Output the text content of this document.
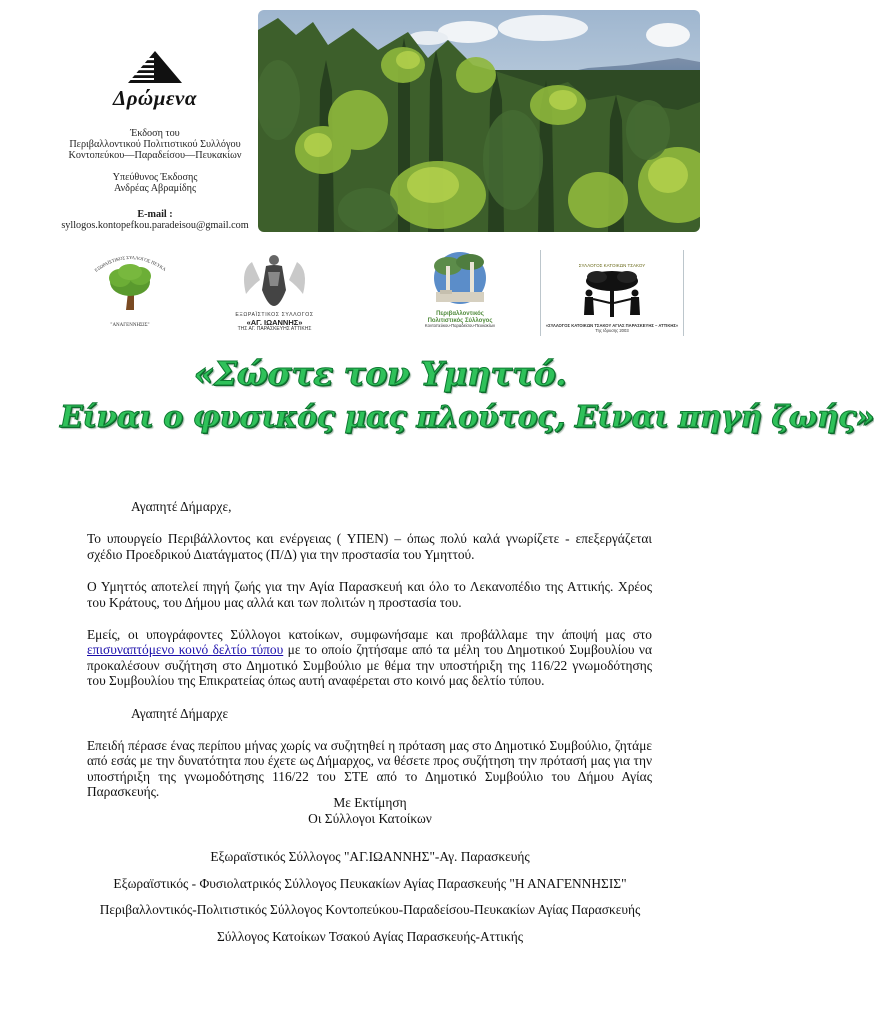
Δρώμενα

Έκδοση του

Περιβαλλοντικού Πολιτιστικού Συλλόγου

Κοντοπεύκου—Παραδείσου—Πευκακίων

Υπεύθυνος Έκδοσης

Ανδρέας Αβραμίδης

E-mail :

syllogos.kontopefkou.paradeisou@gmail.com

ΕΞΩΡΑΪΣΤΙΚΟΣ ΣΥΛΛΟΓΟΣ ΠΕΥΚΑ
"ΑΝΑΓΕΝΝΗΣΙΣ"
ΕΞΩΡΑΪΣΤΙΚΟΣ ΣΥΛΛΟΓΟΣ
«ΑΓ. ΙΩΑΝΝΗΣ»
ΤΗΣ ΑΓ. ΠΑΡΑΣΚΕΥΗΣ ΑΤΤΙΚΗΣ
Περιβαλλοντικός
Πολιτιστικός Σύλλογος
Κοντοπεύκου-Παραδείσου-Πευκακίων
ΣΥΛΛΟΓΟΣ ΚΑΤΟΙΚΩΝ ΤΣΑΚΟΥ
«ΣΥΛΛΟΓΟΣ ΚΑΤΟΙΚΩΝ ΤΣΑΚΟΥ ΑΓΙΑΣ ΠΑΡΑΣΚΕΥΗΣ – ΑΤΤΙΚΗΣ»
Της Ιδρυσης 2003
«Σώστε τον Υμηττό.
Είναι ο φυσικός μας πλούτος, Είναι πηγή ζωής»

Αγαπητέ Δήμαρχε,

Το υπουργείο Περιβάλλοντος και ενέργειας ( ΥΠΕΝ) – όπως πολύ καλά γνωρίζετε - επεξεργάζεται σχέδιο Προεδρικού Διατάγματος (Π/Δ) για την προστασία του Υμηττού.

Ο Υμηττός αποτελεί πηγή ζωής για την Αγία Παρασκευή και όλο το Λεκανοπέδιο της Αττικής. Χρέος του Κράτους, του Δήμου μας αλλά και των πολιτών η προστασία του.

Εμείς, οι υπογράφοντες Σύλλογοι κατοίκων, συμφωνήσαμε και προβάλλαμε την άποψή μας στο επισυναπτόμενο κοινό δελτίο τύπου με το οποίο ζητήσαμε από τα μέλη του Δημοτικού Συμβουλίου να προκαλέσουν συζήτηση στο Δημοτικό Συμβούλιο με θέμα την υποστήριξη της 116/22 γνωμοδότησης του Συμβουλίου της Επικρατείας όπως αυτή αναφέρεται στο κοινό μας δελτίο τύπου.

Αγαπητέ Δήμαρχε

Επειδή πέρασε ένας περίπου μήνας χωρίς να συζητηθεί η πρόταση μας στο Δημοτικό Συμβούλιο, ζητάμε από εσάς με την δυνατότητα που έχετε ως Δήμαρχος, να θέσετε προς συζήτηση την πρότασή μας για την υποστήριξη της γνωμοδότησης 116/22 του ΣΤΕ από το Δημοτικό Συμβούλιο του Δήμου Αγίας Παρασκευής.

Με Εκτίμηση

Οι Σύλλογοι Κατοίκων

Εξωραϊστικός Σύλλογος "ΑΓ.ΙΩΑΝΝΗΣ"-Αγ. Παρασκευής

Εξωραϊστικός - Φυσιολατρικός Σύλλογος Πευκακίων Αγίας Παρασκευής "Η ΑΝΑΓΕΝΝΗΣΙΣ"

Περιβαλλοντικός-Πολιτιστικός Σύλλογος Κοντοπεύκου-Παραδείσου-Πευκακίων Αγίας Παρασκευής

Σύλλογος Κατοίκων Τσακού Αγίας Παρασκευής-Αττικής
